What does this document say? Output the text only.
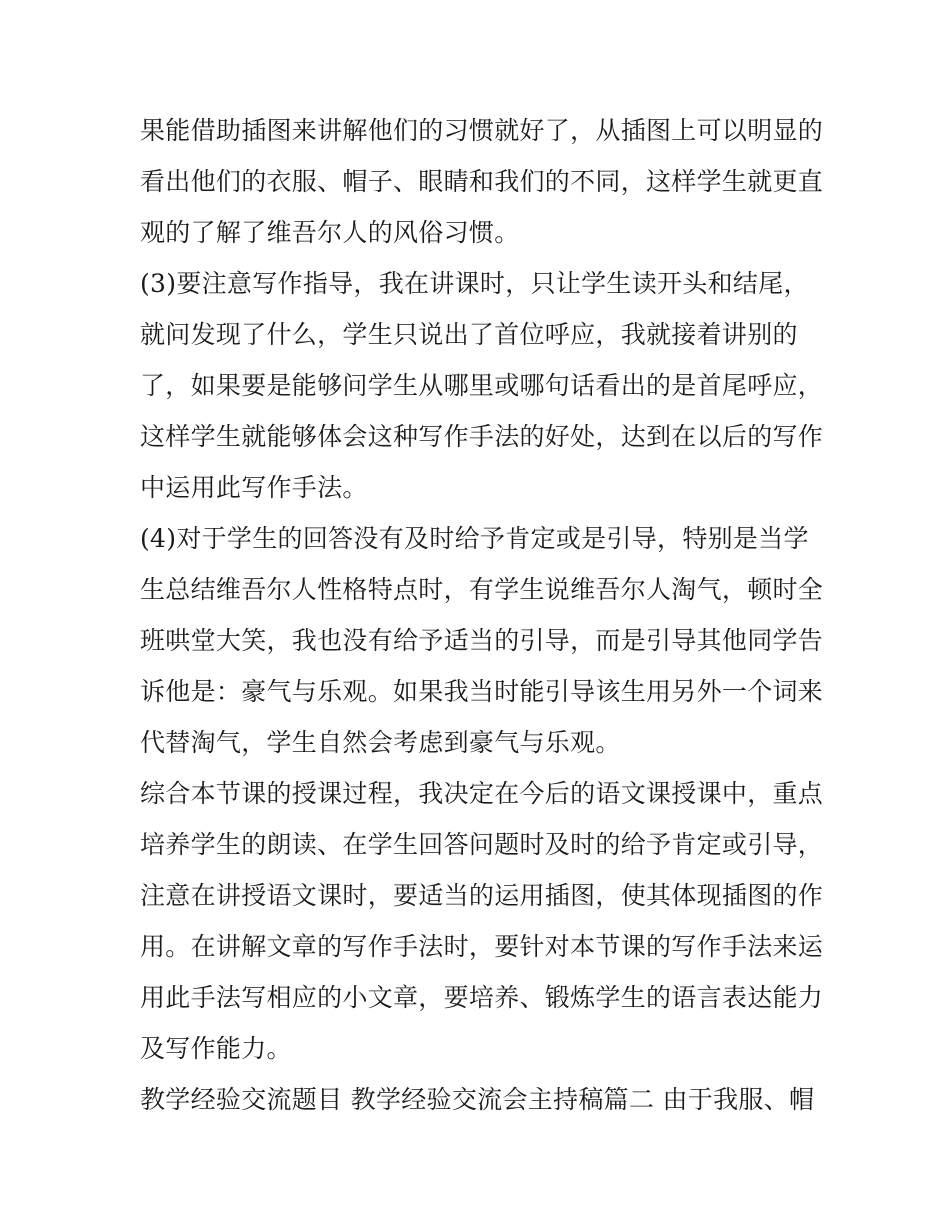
果能借助插图来讲解他们的习惯就好了，从插图上可以明显的
看出他们的衣服、帽子、眼睛和我们的不同，这样学生就更直
观的了解了维吾尔人的风俗习惯。
(3)要注意写作指导，我在讲课时，只让学生读开头和结尾，
就问发现了什么，学生只说出了首位呼应，我就接着讲别的
了，如果要是能够问学生从哪里或哪句话看出的是首尾呼应，
这样学生就能够体会这种写作手法的好处，达到在以后的写作
中运用此写作手法。
(4)对于学生的回答没有及时给予肯定或是引导，特别是当学
生总结维吾尔人性格特点时，有学生说维吾尔人淘气，顿时全
班哄堂大笑，我也没有给予适当的引导，而是引导其他同学告
诉他是：豪气与乐观。如果我当时能引导该生用另外一个词来
代替淘气，学生自然会考虑到豪气与乐观。
综合本节课的授课过程，我决定在今后的语文课授课中，重点
培养学生的朗读、在学生回答问题时及时的给予肯定或引导，
注意在讲授语文课时，要适当的运用插图，使其体现插图的作
用。在讲解文章的写作手法时，要针对本节课的写作手法来运
用此手法写相应的小文章，要培养、锻炼学生的语言表达能力
及写作能力。
教学经验交流题目 教学经验交流会主持稿篇二 由于我服、帽
